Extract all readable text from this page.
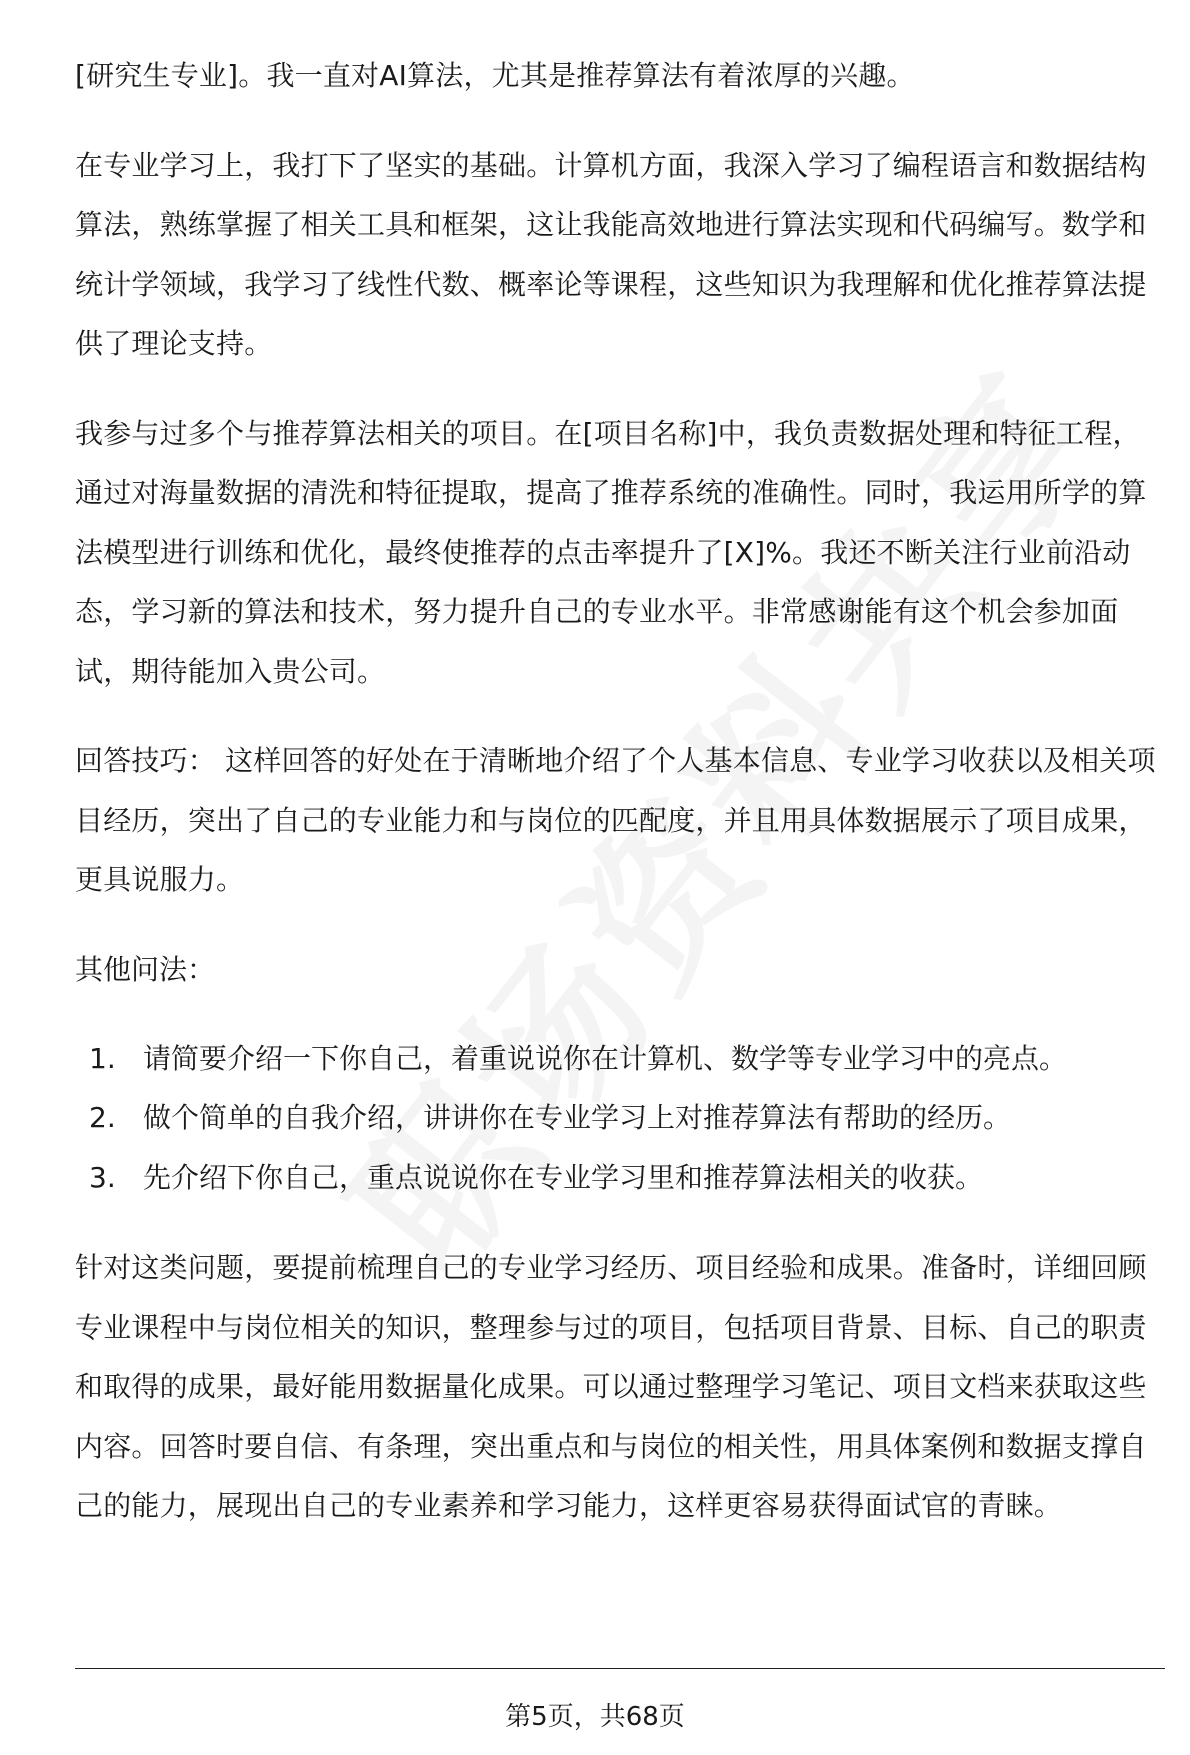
[研究生专业]。我一直对AI算法，尤其是推荐算法有着浓厚的兴趣。

在专业学习上，我打下了坚实的基础。计算机方面，我深入学习了编程语言和数据结构算法，熟练掌握了相关工具和框架，这让我能高效地进行算法实现和代码编写。数学和统计学领域，我学习了线性代数、概率论等课程，这些知识为我理解和优化推荐算法提供了理论支持。

我参与过多个与推荐算法相关的项目。在[项目名称]中，我负责数据处理和特征工程，通过对海量数据的清洗和特征提取，提高了推荐系统的准确性。同时，我运用所学的算法模型进行训练和优化，最终使推荐的点击率提升了[X]%。我还不断关注行业前沿动态，学习新的算法和技术，努力提升自己的专业水平。非常感谢能有这个机会参加面试，期待能加入贵公司。

回答技巧： 这样回答的好处在于清晰地介绍了个人基本信息、专业学习收获以及相关项目经历，突出了自己的专业能力和与岗位的匹配度，并且用具体数据展示了项目成果，更具说服力。

其他问法：

1. 请简要介绍一下你自己，着重说说你在计算机、数学等专业学习中的亮点。
2. 做个简单的自我介绍，讲讲你在专业学习上对推荐算法有帮助的经历。
3. 先介绍下你自己，重点说说你在专业学习里和推荐算法相关的收获。

针对这类问题，要提前梳理自己的专业学习经历、项目经验和成果。准备时，详细回顾专业课程中与岗位相关的知识，整理参与过的项目，包括项目背景、目标、自己的职责和取得的成果，最好能用数据量化成果。可以通过整理学习笔记、项目文档来获取这些内容。回答时要自信、有条理，突出重点和与岗位的相关性，用具体案例和数据支撑自己的能力，展现出自己的专业素养和学习能力，这样更容易获得面试官的青睐。

第5页，共68页
